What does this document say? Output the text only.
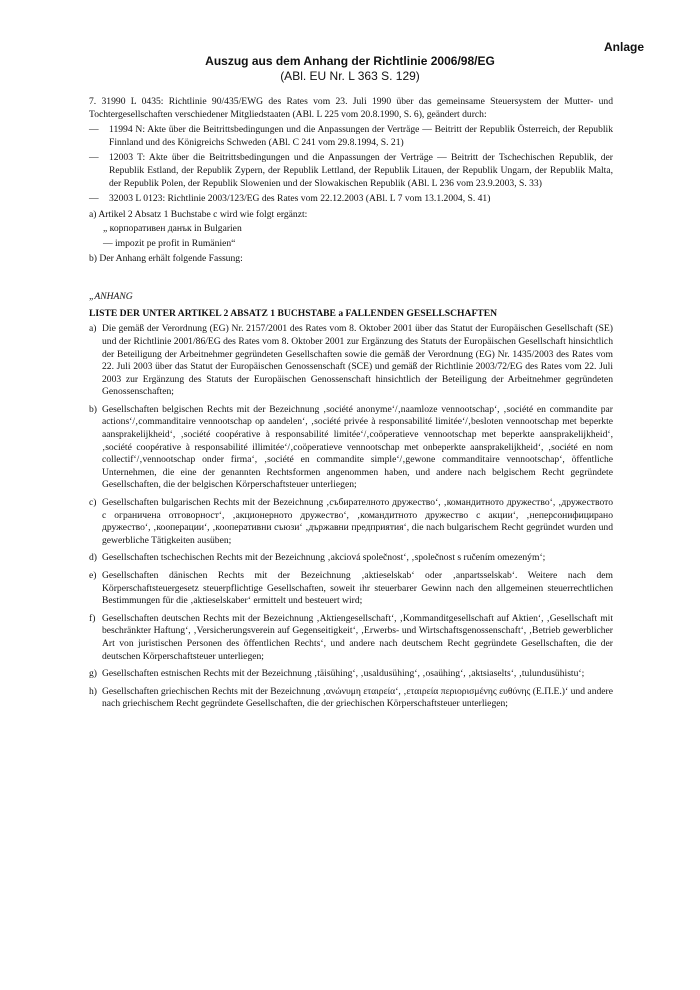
Anlage
Auszug aus dem Anhang der Richtlinie 2006/98/EG
(ABl. EU Nr. L 363 S. 129)

7. 31990 L 0435: Richtlinie 90/435/EWG des Rates vom 23. Juli 1990 über das gemeinsame Steuersystem der Mutter- und Tochtergesellschaften verschiedener Mitgliedstaaten (ABl. L 225 vom 20.8.1990, S. 6), geändert durch:

—	11994 N: Akte über die Beitrittsbedingungen und die Anpassungen der Verträge — Beitritt der Republik Österreich, der Republik Finnland und des Königreichs Schweden (ABl. C 241 vom 29.8.1994, S. 21)
—	12003 T: Akte über die Beitrittsbedingungen und die Anpassungen der Verträge — Beitritt der Tschechischen Republik, der Republik Estland, der Republik Zypern, der Republik Lettland, der Republik Litauen, der Republik Ungarn, der Republik Malta, der Republik Polen, der Republik Slowenien und der Slowakischen Republik (ABl. L 236 vom 23.9.2003, S. 33)
—	32003 L 0123: Richtlinie 2003/123/EG des Rates vom 22.12.2003 (ABl. L 7 vom 13.1.2004, S. 41)

a) Artikel 2 Absatz 1 Buchstabe c wird wie folgt ergänzt:

„ корпоративен данък in Bulgarien

— impozit pe profit in Rumänien“

b) Der Anhang erhält folgende Fassung:

„ANHANG

LISTE DER UNTER ARTIKEL 2 ABSATZ 1 BUCHSTABE a FALLENDEN GESELLSCHAFTEN

a) Die gemäß der Verordnung (EG) Nr. 2157/2001 des Rates vom 8. Oktober 2001 über das Statut der Europäischen Gesellschaft (SE) und der Richtlinie 2001/86/EG des Rates vom 8. Oktober 2001 zur Ergänzung des Statuts der Europäischen Gesellschaft hinsichtlich der Beteiligung der Arbeitnehmer gegründeten Gesellschaften sowie die gemäß der Verordnung (EG) Nr. 1435/2003 des Rates vom 22. Juli 2003 über das Statut der Europäischen Genossenschaft (SCE) und gemäß der Richtlinie 2003/72/EG des Rates vom 22. Juli 2003 zur Ergänzung des Statuts der Europäischen Genossenschaft hinsichtlich der Beteiligung der Arbeitnehmer gegründeten Genossenschaften;
b) Gesellschaften belgischen Rechts mit der Bezeichnung ‚société anonyme‘/‚naamloze vennootschap‘, ‚société en commandite par actions‘/‚commanditaire vennootschap op aandelen‘, ‚société privée à responsabilité limitée‘/‚besloten vennootschap met beperkte aansprakelijkheid‘, ‚société coopérative à responsabilité limitée‘/‚coöperatieve vennootschap met beperkte aansprakelijkheid‘, ‚société coopérative à responsabilité illimitée‘/‚coöperatieve vennootschap met onbeperkte aansprakelijkheid‘, ‚société en nom collectif‘/‚vennootschap onder firma‘, ‚société en commandite simple‘/‚gewone commanditaire vennootschap‘, öffentliche Unternehmen, die eine der genannten Rechtsformen angenommen haben, und andere nach belgischem Recht gegründete Gesellschaften, die der belgischen Körperschaftsteuer unterliegen;
c) Gesellschaften bulgarischen Rechts mit der Bezeichnung ‚събирателното дружество‘, ‚командитното дружество‘, ‚дружеството с ограничена отговорност‘, ‚акционерното дружество‘, ‚командитното дружество с акции‘, ‚неперсонифицирано дружество‘, ‚кооперации‘, ‚кооперативни съюзи‘ ‚държавни предприятия‘, die nach bulgarischem Recht gegründet wurden und gewerbliche Tätigkeiten ausüben;
d) Gesellschaften tschechischen Rechts mit der Bezeichnung ‚akciová společnost‘, ‚společnost s ručením omezeným‘;
e) Gesellschaften dänischen Rechts mit der Bezeichnung ‚aktieselskab‘ oder ‚anpartsselskab‘. Weitere nach dem Körperschaftsteuergesetz steuerpflichtige Gesellschaften, soweit ihr steuerbarer Gewinn nach den allgemeinen steuerrechtlichen Bestimmungen für die ‚aktieselskaber‘ ermittelt und besteuert wird;
f) Gesellschaften deutschen Rechts mit der Bezeichnung ‚Aktiengesellschaft‘, ‚Kommanditgesellschaft auf Aktien‘, ‚Gesellschaft mit beschränkter Haftung‘, ‚Versicherungsverein auf Gegenseitigkeit‘, ‚Erwerbs- und Wirtschaftsgenossenschaft‘, ‚Betrieb gewerblicher Art von juristischen Personen des öffentlichen Rechts‘, und andere nach deutschem Recht gegründete Gesellschaften, die der deutschen Körperschaftsteuer unterliegen;
g) Gesellschaften estnischen Rechts mit der Bezeichnung ‚täisühing‘, ‚usaldusühing‘, ‚osaühing‘, ‚aktsiaselts‘, ‚tulundusühistu‘;
h) Gesellschaften griechischen Rechts mit der Bezeichnung ‚ανώνυμη εταιρεία‘, ‚εταιρεία περιορισμένης ευθύνης (Ε.Π.Ε.)‘ und andere nach griechischem Recht gegründete Gesellschaften, die der griechischen Körperschaftsteuer unterliegen;
